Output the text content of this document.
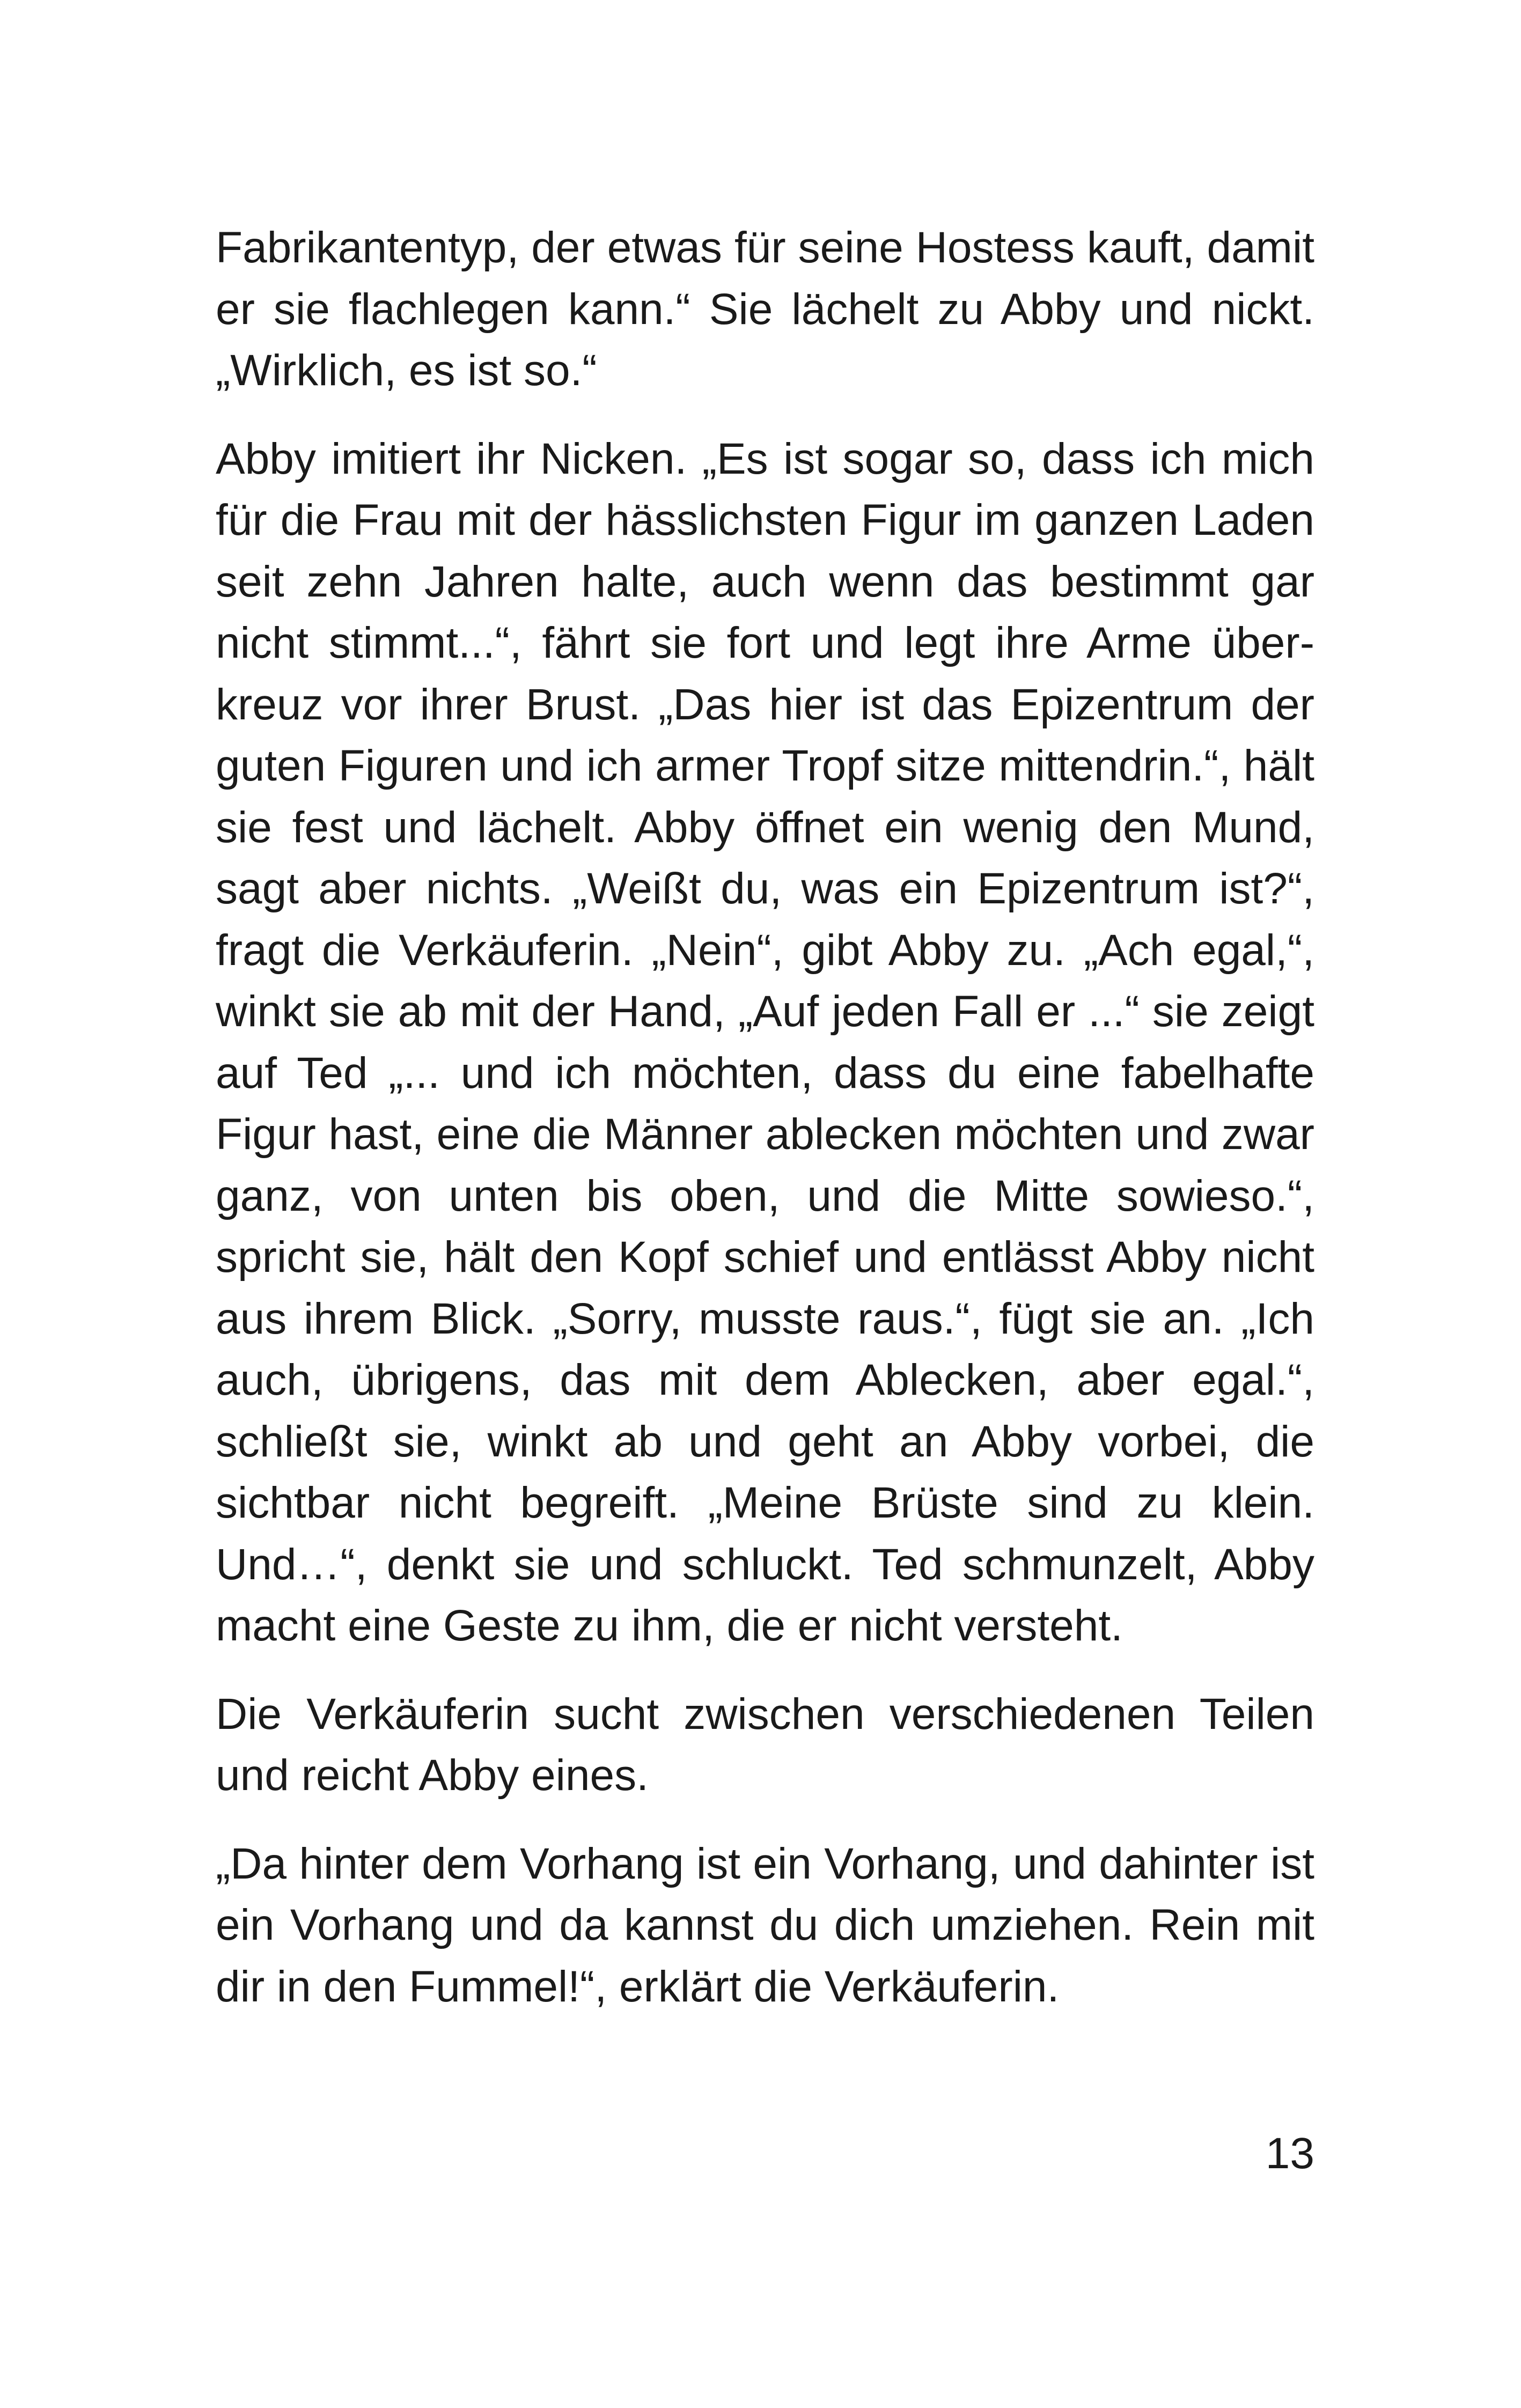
Fabrikantentyp, der etwas für seine Hostess kauft, damit er sie flachlegen kann.“ Sie lächelt zu Abby und nickt. „Wirklich, es ist so.“

Abby imitiert ihr Nicken. „Es ist sogar so, dass ich mich für die Frau mit der hässlichsten Figur im ganzen Laden seit zehn Jahren halte, auch wenn das bestimmt gar nicht stimmt...“, fährt sie fort und legt ihre Arme überkreuz vor ihrer Brust. „Das hier ist das Epizentrum der guten Figuren und ich armer Tropf sitze mittendrin.“, hält sie fest und lächelt. Abby öffnet ein wenig den Mund, sagt aber nichts. „Weißt du, was ein Epizentrum ist?“, fragt die Verkäuferin. „Nein“, gibt Abby zu. „Ach egal,“, winkt sie ab mit der Hand, „Auf jeden Fall er ...“ sie zeigt auf Ted „... und ich möchten, dass du eine fabelhafte Figur hast, eine die Männer ablecken möchten und zwar ganz, von unten bis oben, und die Mitte sowieso.“, spricht sie, hält den Kopf schief und entlässt Abby nicht aus ihrem Blick. „Sorry, musste raus.“, fügt sie an. „Ich auch, übrigens, das mit dem Ablecken, aber egal.“, schließt sie, winkt ab und geht an Abby vorbei, die sichtbar nicht begreift. „Meine Brüste sind zu klein. Und…“, denkt sie und schluckt. Ted schmunzelt, Abby macht eine Geste zu ihm, die er nicht versteht.

Die Verkäuferin sucht zwischen verschiedenen Teilen und reicht Abby eines.

„Da hinter dem Vorhang ist ein Vorhang, und dahinter ist ein Vorhang und da kannst du dich umziehen. Rein mit dir in den Fummel!“, erklärt die Verkäuferin.

13
